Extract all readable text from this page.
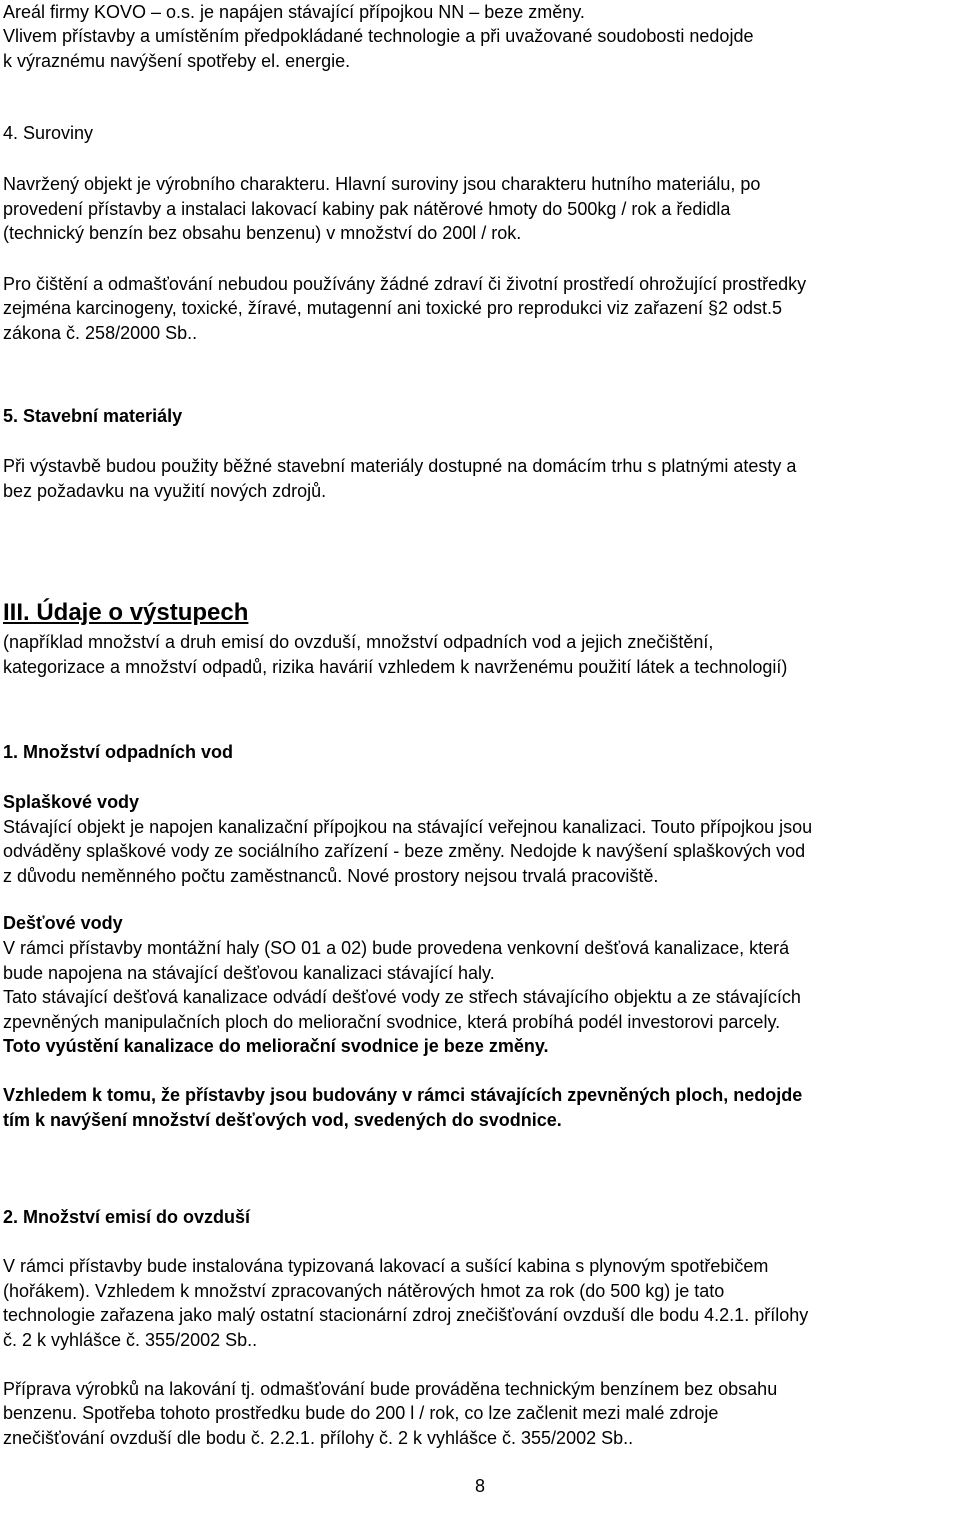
Areál firmy KOVO – o.s. je napájen stávající přípojkou NN – beze změny.
Vlivem přístavby a umístěním předpokládané technologie a při uvažované soudobosti nedojde
k výraznému navýšení spotřeby el. energie.
4. Suroviny
Navržený objekt je výrobního charakteru. Hlavní suroviny jsou charakteru hutního materiálu, po
provedení přístavby a instalaci lakovací kabiny pak nátěrové hmoty do 500kg / rok a ředidla
(technický benzín bez obsahu benzenu) v množství do 200l / rok.
Pro čištění a odmašťování nebudou používány žádné zdraví či životní prostředí ohrožující prostředky
zejména karcinogeny, toxické, žíravé, mutagenní ani toxické pro reprodukci viz zařazení §2 odst.5
zákona č. 258/2000 Sb..
5. Stavební materiály
Při výstavbě budou použity běžné stavební materiály dostupné na domácím trhu s platnými atesty a
bez požadavku na využití nových zdrojů.
III. Údaje o výstupech
(například množství a druh emisí do ovzduší, množství odpadních vod a jejich znečištění,
kategorizace a množství odpadů, rizika havárií vzhledem k navrženému použití látek a technologií)
1. Množství odpadních vod
Splaškové vody
Stávající objekt je napojen kanalizační přípojkou na stávající veřejnou kanalizaci. Touto přípojkou jsou
odváděny splaškové vody ze sociálního zařízení - beze změny. Nedojde k navýšení splaškových vod
z důvodu neměnného počtu zaměstnanců. Nové prostory nejsou trvalá pracoviště.
Dešťové vody
V rámci přístavby montážní haly (SO 01 a 02) bude provedena venkovní dešťová kanalizace, která
bude napojena na stávající dešťovou kanalizaci stávající haly.
Tato stávající dešťová kanalizace odvádí dešťové vody ze střech stávajícího objektu a ze stávajících
zpevněných manipulačních ploch do meliorační svodnice, která probíhá podél investorovi parcely.
Toto vyústění kanalizace do meliorační svodnice je beze změny.
Vzhledem k tomu, že přístavby jsou budovány v rámci stávajících zpevněných ploch, nedojde
tím k navýšení množství dešťových vod, svedených do svodnice.
2. Množství emisí do ovzduší
V rámci přístavby bude instalována typizovaná lakovací a sušící kabina s plynovým spotřebičem
(hořákem). Vzhledem k množství zpracovaných nátěrových hmot za rok (do 500 kg) je tato
technologie zařazena jako malý ostatní stacionární zdroj znečišťování ovzduší dle bodu 4.2.1. přílohy
č. 2 k vyhlášce č. 355/2002 Sb..
Příprava výrobků na lakování tj. odmašťování bude prováděna technickým benzínem bez obsahu
benzenu. Spotřeba tohoto prostředku bude do 200 l / rok, co lze začlenit mezi malé zdroje
znečišťování ovzduší dle bodu č. 2.2.1. přílohy č. 2 k vyhlášce č. 355/2002 Sb..
8
